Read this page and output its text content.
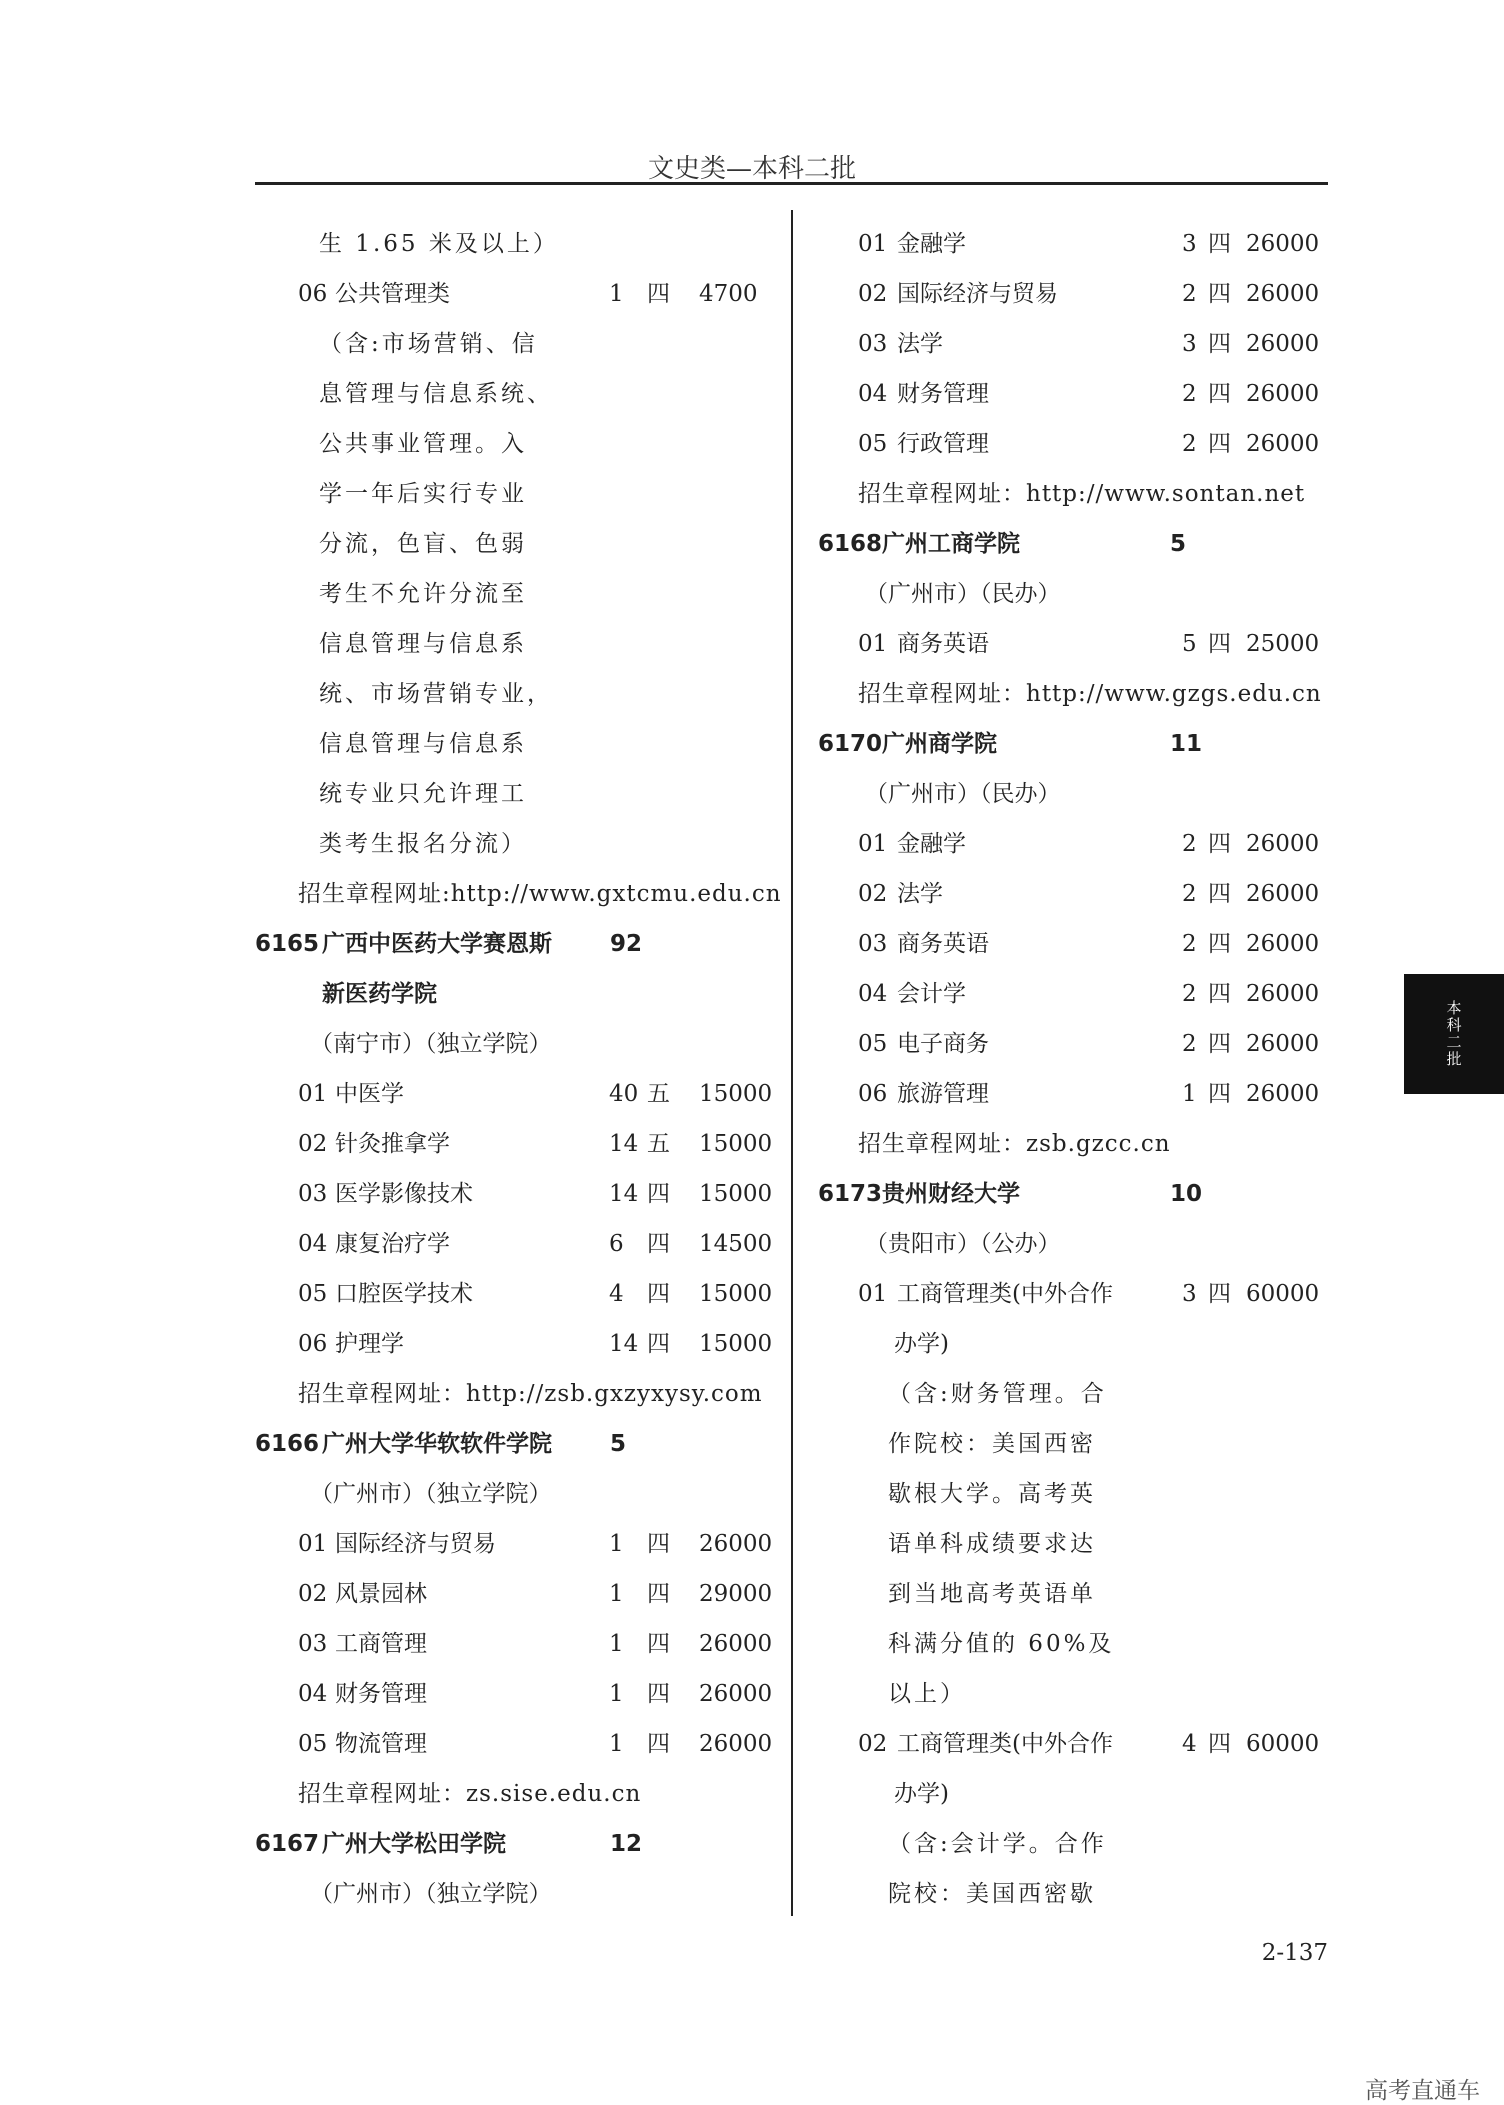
文史类—本科二批
生 1.65 米及以上）
06 公共管理类	1 四 4700
（含:市场营销、信
息管理与信息系统、
公共事业管理。入
学一年后实行专业
分流，色盲、色弱
考生不允许分流至
信息管理与信息系
统、市场营销专业，
信息管理与信息系
统专业只允许理工
类考生报名分流）
招生章程网址:http://www.gxtcmu.edu.cn
6165 广西中医药大学赛恩斯	92
新医药学院
（南宁市）（独立学院）
01 中医学	40 五 15000
02 针灸推拿学	14 五 15000
03 医学影像技术	14 四 15000
04 康复治疗学	6 四 14500
05 口腔医学技术	4 四 15000
06 护理学	14 四 15000
招生章程网址：http://zsb.gxzyxysy.com
6166 广州大学华软软件学院	5
（广州市）（独立学院）
01 国际经济与贸易	1 四 26000
02 风景园林	1 四 29000
03 工商管理	1 四 26000
04 财务管理	1 四 26000
05 物流管理	1 四 26000
招生章程网址：zs.sise.edu.cn
6167 广州大学松田学院	12
（广州市）（独立学院）
01 金融学	3 四 26000
02 国际经济与贸易	2 四 26000
03 法学	3 四 26000
04 财务管理	2 四 26000
05 行政管理	2 四 26000
招生章程网址：http://www.sontan.net
6168 广州工商学院	5
（广州市）（民办）
01 商务英语	5 四 25000
招生章程网址：http://www.gzgs.edu.cn
6170 广州商学院	11
（广州市）（民办）
01 金融学	2 四 26000
02 法学	2 四 26000
03 商务英语	2 四 26000
04 会计学	2 四 26000
05 电子商务	2 四 26000
06 旅游管理	1 四 26000
招生章程网址：zsb.gzcc.cn
6173 贵州财经大学	10
（贵阳市）（公办）
01 工商管理类(中外合作	3 四 60000
办学)
（含:财务管理。合
作院校：美国西密
歇根大学。高考英
语单科成绩要求达
到当地高考英语单
科满分值的 60%及
以上）
02 工商管理类(中外合作	4 四 60000
办学)
（含:会计学。合作
院校：美国西密歇
2-137
本科二批
高考直通车
